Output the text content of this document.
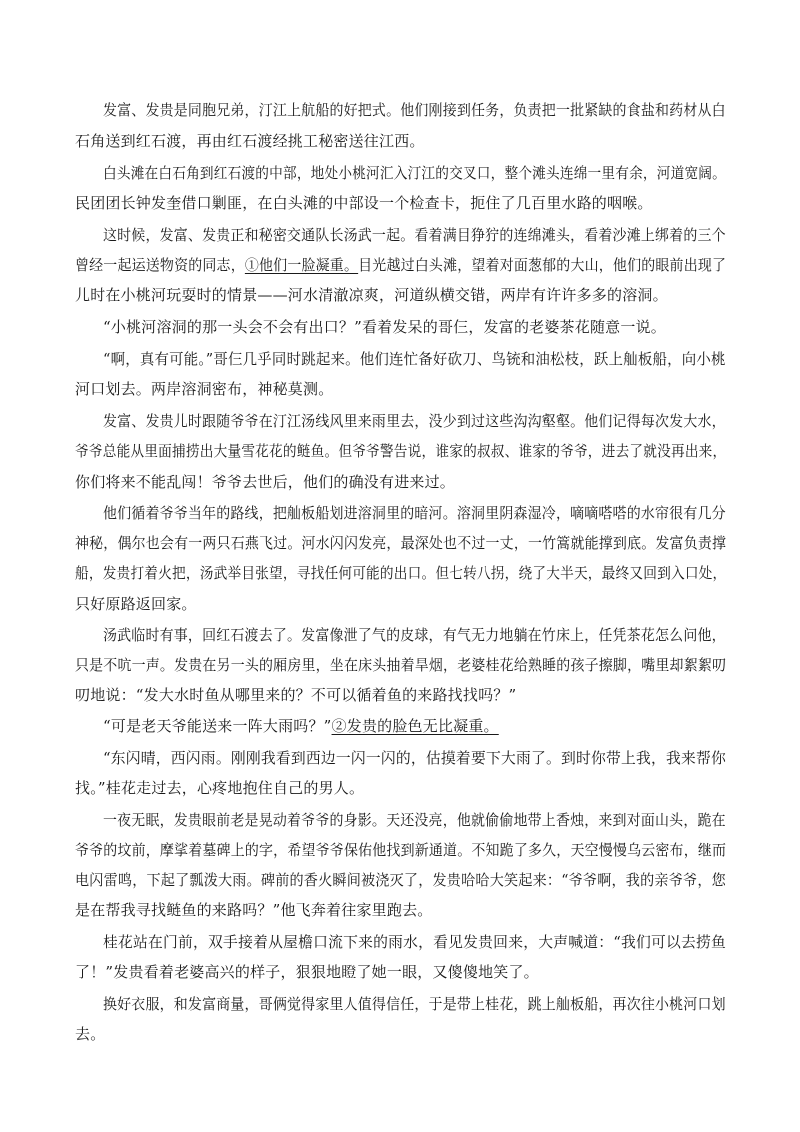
发富、发贵是同胞兄弟，汀江上航船的好把式。他们刚接到任务，负责把一批紧缺的食盐和药材从白
石角送到红石渡，再由红石渡经挑工秘密送往江西。
白头滩在白石角到红石渡的中部，地处小桃河汇入汀江的交叉口，整个滩头连绵一里有余，河道宽阔。
民团团长钟发奎借口剿匪，在白头滩的中部设一个检查卡，扼住了几百里水路的咽喉。
这时候，发富、发贵正和秘密交通队长汤武一起。看着满目狰狞的连绵滩头，看着沙滩上绑着的三个
曾经一起运送物资的同志，①他们一脸凝重。目光越过白头滩，望着对面葱郁的大山，他们的眼前出现了
儿时在小桃河玩耍时的情景——河水清澈凉爽，河道纵横交错，两岸有许许多多的溶洞。
“小桃河溶洞的那一头会不会有出口？”看着发呆的哥仨，发富的老婆茶花随意一说。
“啊，真有可能。”哥仨几乎同时跳起来。他们连忙备好砍刀、鸟铳和油松枝，跃上舢板船，向小桃
河口划去。两岸溶洞密布，神秘莫测。
发富、发贵儿时跟随爷爷在汀江汤线风里来雨里去，没少到过这些沟沟壑壑。他们记得每次发大水，
爷爷总能从里面捕捞出大量雪花花的鲢鱼。但爷爷警告说，谁家的叔叔、谁家的爷爷，进去了就没再出来，
你们将来不能乱闯！爷爷去世后，他们的确没有进来过。
他们循着爷爷当年的路线，把舢板船划进溶洞里的暗河。溶洞里阴森湿冷，嘀嘀嗒嗒的水帘很有几分
神秘，偶尔也会有一两只石燕飞过。河水闪闪发亮，最深处也不过一丈，一竹篙就能撑到底。发富负责撑
船，发贵打着火把，汤武举目张望，寻找任何可能的出口。但七转八拐，绕了大半天，最终又回到入口处，
只好原路返回家。
汤武临时有事，回红石渡去了。发富像泄了气的皮球，有气无力地躺在竹床上，任凭茶花怎么问他，
只是不吭一声。发贵在另一头的厢房里，坐在床头抽着旱烟，老婆桂花给熟睡的孩子擦脚，嘴里却絮絮叨
叨地说：“发大水时鱼从哪里来的？不可以循着鱼的来路找找吗？”
“可是老天爷能送来一阵大雨吗？”②发贵的脸色无比凝重。
“东闪晴，西闪雨。刚刚我看到西边一闪一闪的，估摸着要下大雨了。到时你带上我，我来帮你
找。”桂花走过去，心疼地抱住自己的男人。
一夜无眠，发贵眼前老是晃动着爷爷的身影。天还没亮，他就偷偷地带上香烛，来到对面山头，跪在
爷爷的坟前，摩挲着墓碑上的字，希望爷爷保佑他找到新通道。不知跪了多久，天空慢慢乌云密布，继而
电闪雷鸣，下起了瓢泼大雨。碑前的香火瞬间被浇灭了，发贵哈哈大笑起来：“爷爷啊，我的亲爷爷，您
是在帮我寻找鲢鱼的来路吗？”他飞奔着往家里跑去。
桂花站在门前，双手接着从屋檐口流下来的雨水，看见发贵回来，大声喊道：“我们可以去捞鱼
了！”发贵看着老婆高兴的样子，狠狠地瞪了她一眼，又傻傻地笑了。
换好衣服，和发富商量，哥俩觉得家里人值得信任，于是带上桂花，跳上舢板船，再次往小桃河口划
去。
